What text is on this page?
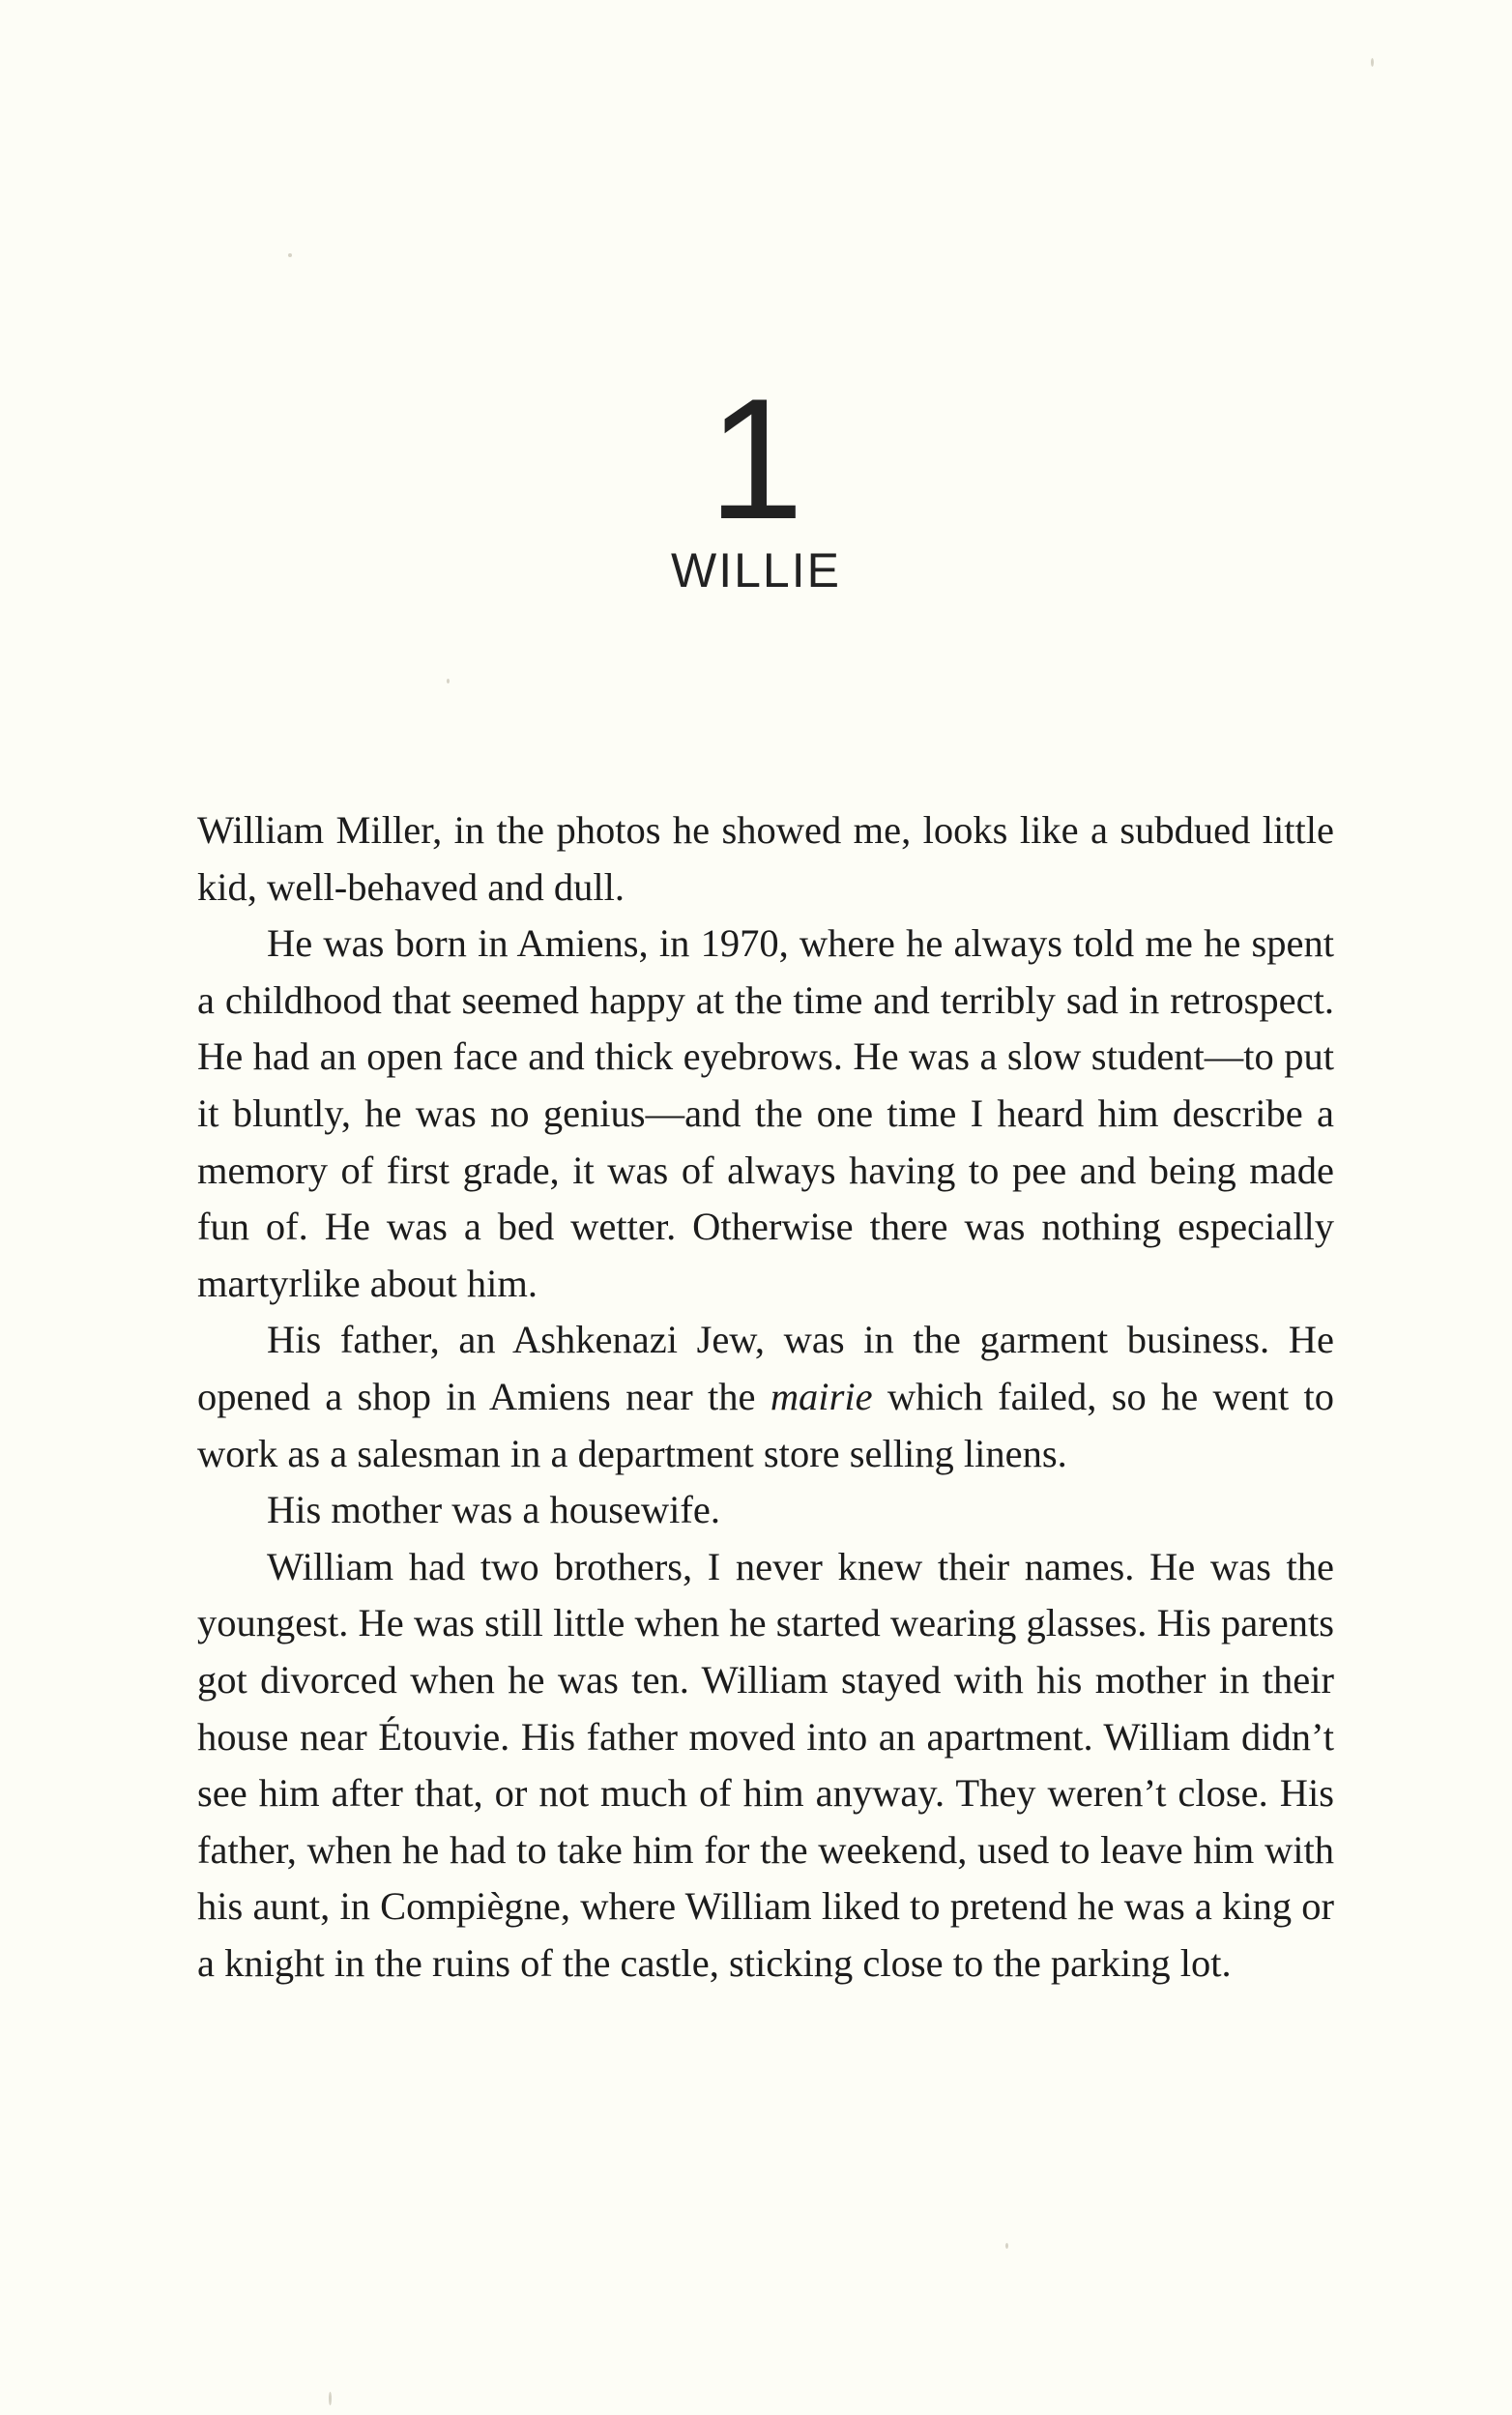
1
WILLIE

William Miller, in the photos he showed me, looks like a subdued little kid, well-behaved and dull.

He was born in Amiens, in 1970, where he always told me he spent a childhood that seemed happy at the time and terribly sad in retrospect. He had an open face and thick eyebrows. He was a slow student—to put it bluntly, he was no genius—and the one time I heard him describe a memory of first grade, it was of always having to pee and being made fun of. He was a bed wetter. Otherwise there was nothing especially martyrlike about him.

His father, an Ashkenazi Jew, was in the garment business. He opened a shop in Amiens near the mairie which failed, so he went to work as a salesman in a department store selling linens.

His mother was a housewife.

William had two brothers, I never knew their names. He was the youngest. He was still little when he started wearing glasses. His parents got divorced when he was ten. William stayed with his mother in their house near Étouvie. His father moved into an apartment. William didn’t see him after that, or not much of him anyway. They weren’t close. His father, when he had to take him for the weekend, used to leave him with his aunt, in Compiègne, where William liked to pretend he was a king or a knight in the ruins of the castle, sticking close to the parking lot.
